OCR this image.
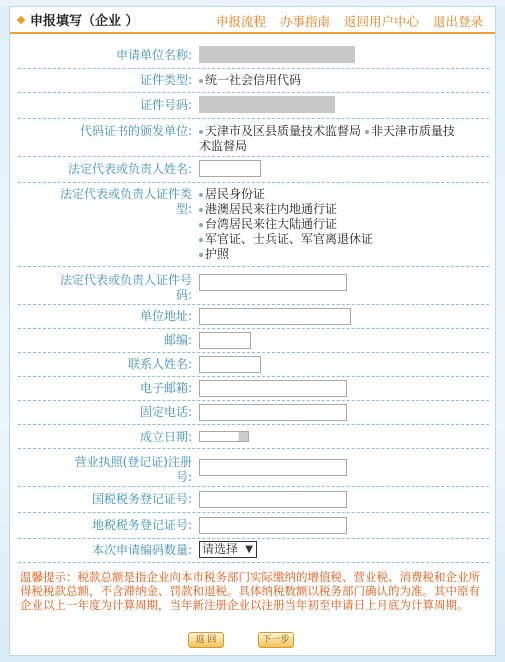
申报填写（企业 ）	申报流程 办事指南 返回用户中心 退出登录
申请单位名称:
证件类型:	统一社会信用代码
证件号码:
代码证书的颁发单位:	天津市及区县质量技术监督局 非天津市质量技
术监督局
法定代表或负责人姓名:
法定代表或负责人证件类
型:
居民身份证
港澳居民来往内地通行证
台湾居民来往大陆通行证
军官证、士兵证、军官离退休证
护照
法定代表或负责人证件号
码:
单位地址:
邮编:
联系人姓名:
电子邮箱:
固定电话:
成立日期:
营业执照(登记证)注册
号:
国税税务登记证号:
地税税务登记证号:
本次申请编码数量: 请选择 ▼
温馨提示：税款总额是指企业向本市税务部门实际缴纳的增值税、营业税、消费税和企业所得税税款总额，不含滞纳金、罚款和退税。具体纳税数额以税务部门确认的为准。其中原有企业以上一年度为计算周期，当年新注册企业以注册当年初至申请日上月底为计算周期。
返 回	下一步
